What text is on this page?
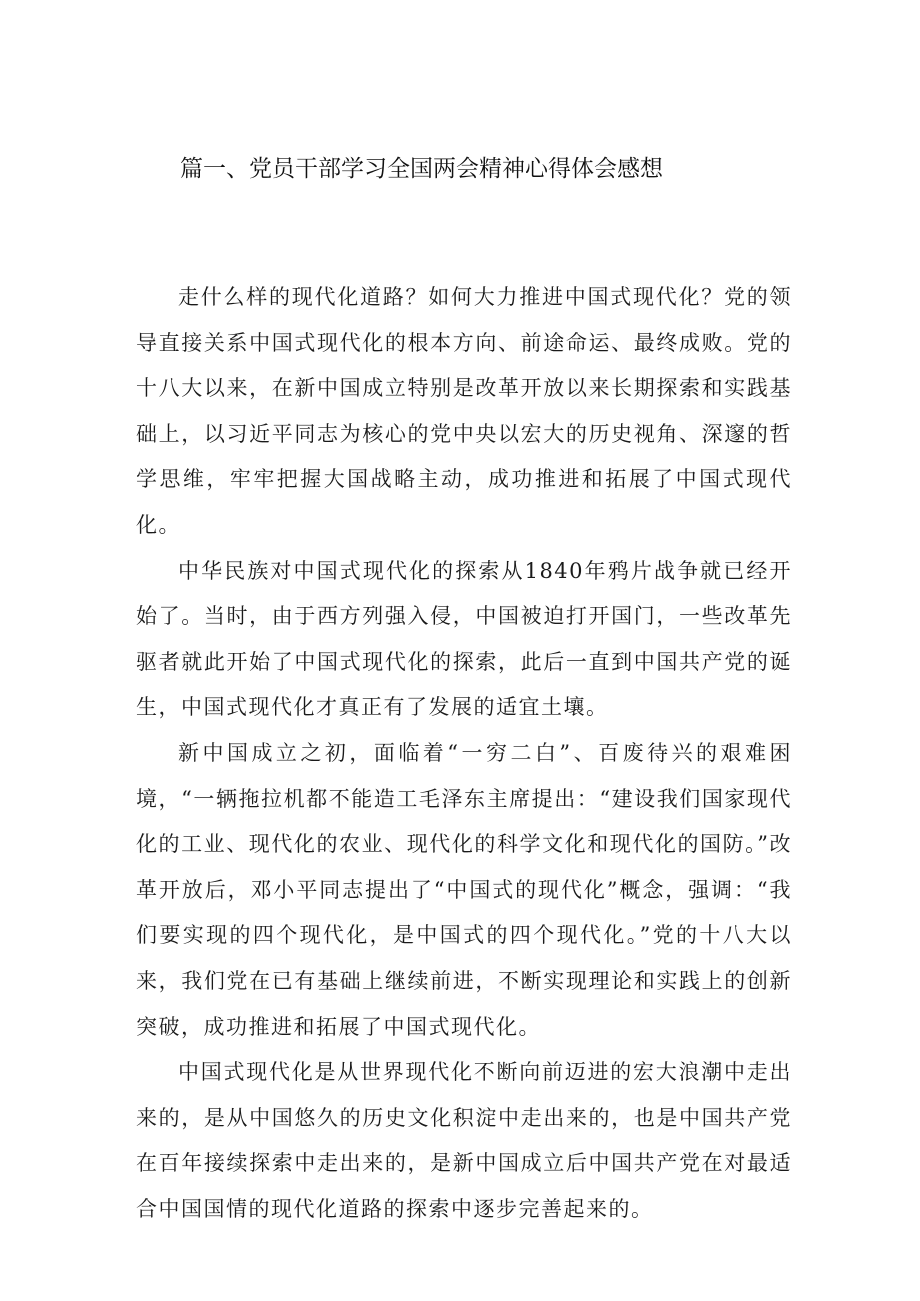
篇一、党员干部学习全国两会精神心得体会感想

走什么样的现代化道路？如何大力推进中国式现代化？党的领导直接关系中国式现代化的根本方向、前途命运、最终成败。党的十八大以来，在新中国成立特别是改革开放以来长期探索和实践基础上，以习近平同志为核心的党中央以宏大的历史视角、深邃的哲学思维，牢牢把握大国战略主动，成功推进和拓展了中国式现代化。

中华民族对中国式现代化的探索从1840年鸦片战争就已经开始了。当时，由于西方列强入侵，中国被迫打开国门，一些改革先驱者就此开始了中国式现代化的探索，此后一直到中国共产党的诞生，中国式现代化才真正有了发展的适宜土壤。

新中国成立之初，面临着“一穷二白”、百废待兴的艰难困境，“一辆拖拉机都不能造工毛泽东主席提出：“建设我们国家现代化的工业、现代化的农业、现代化的科学文化和现代化的国防。”改革开放后，邓小平同志提出了“中国式的现代化”概念，强调：“我们要实现的四个现代化，是中国式的四个现代化。”党的十八大以来，我们党在已有基础上继续前进，不断实现理论和实践上的创新突破，成功推进和拓展了中国式现代化。

中国式现代化是从世界现代化不断向前迈进的宏大浪潮中走出来的，是从中国悠久的历史文化积淀中走出来的，也是中国共产党在百年接续探索中走出来的，是新中国成立后中国共产党在对最适合中国国情的现代化道路的探索中逐步完善起来的。
